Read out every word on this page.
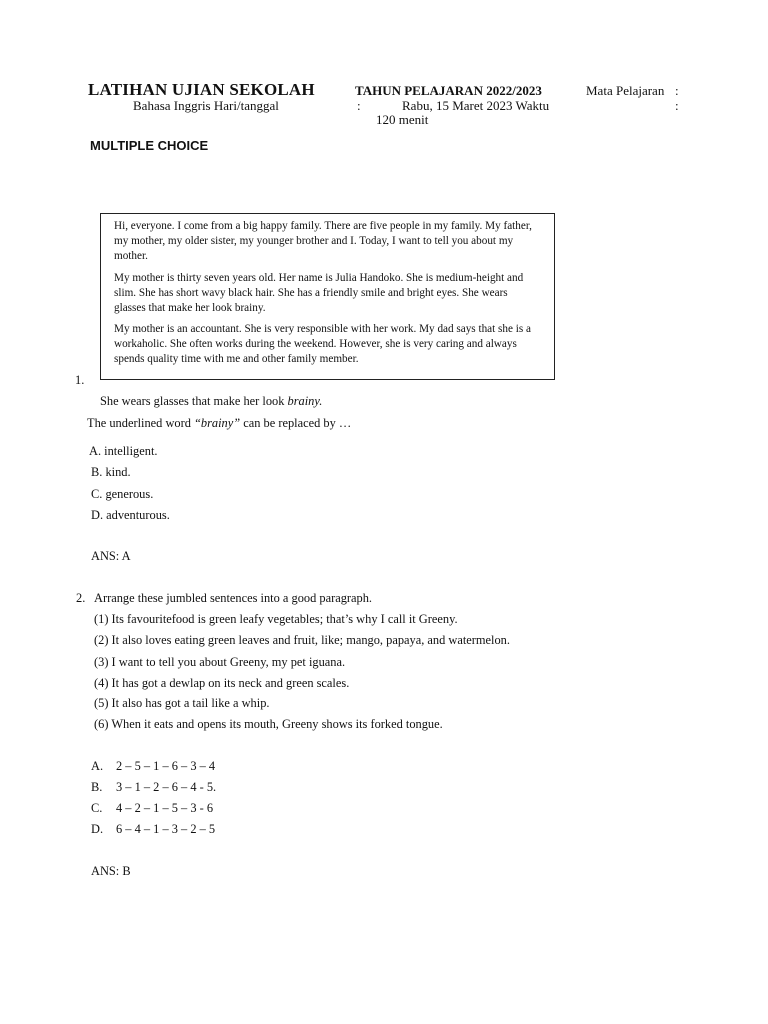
LATIHAN UJIAN SEKOLAH	TAHUN PELAJARAN 2022/2023	Mata Pelajaran :
Bahasa Inggris Hari/tanggal	:	Rabu, 15 Maret 2023 Waktu	:
120 menit
MULTIPLE CHOICE

Hi, everyone. I come from a big happy family. There are five people in my family. My father, my mother, my older sister, my younger brother and I. Today, I want to tell you about my mother.

My mother is thirty seven years old. Her name is Julia Handoko. She is medium-height and slim. She has short wavy black hair. She has a friendly smile and bright eyes. She wears glasses that make her look brainy.

My mother is an accountant. She is very responsible with her work. My dad says that she is a workaholic. She often works during the weekend. However, she is very caring and always spends quality time with me and other family member.

1.
She wears glasses that make her look brainy.
The underlined word “brainy” can be replaced by …
A. intelligent.
B. kind.
C. generous.
D. adventurous.
ANS: A
2. Arrange these jumbled sentences into a good paragraph.
(1) Its favouritefood is green leafy vegetables; that’s why I call it Greeny.
(2) It also loves eating green leaves and fruit, like; mango, papaya, and watermelon.
(3) I want to tell you about Greeny, my pet iguana.
(4) It has got a dewlap on its neck and green scales.
(5) It also has got a tail like a whip.
(6) When it eats and opens its mouth, Greeny shows its forked tongue.
A. 2 – 5 – 1 – 6 – 3 – 4
B. 3 – 1 – 2 – 6 – 4 - 5.
C. 4 – 2 – 1 – 5 – 3 - 6
D. 6 – 4 – 1 – 3 – 2 – 5
ANS: B
